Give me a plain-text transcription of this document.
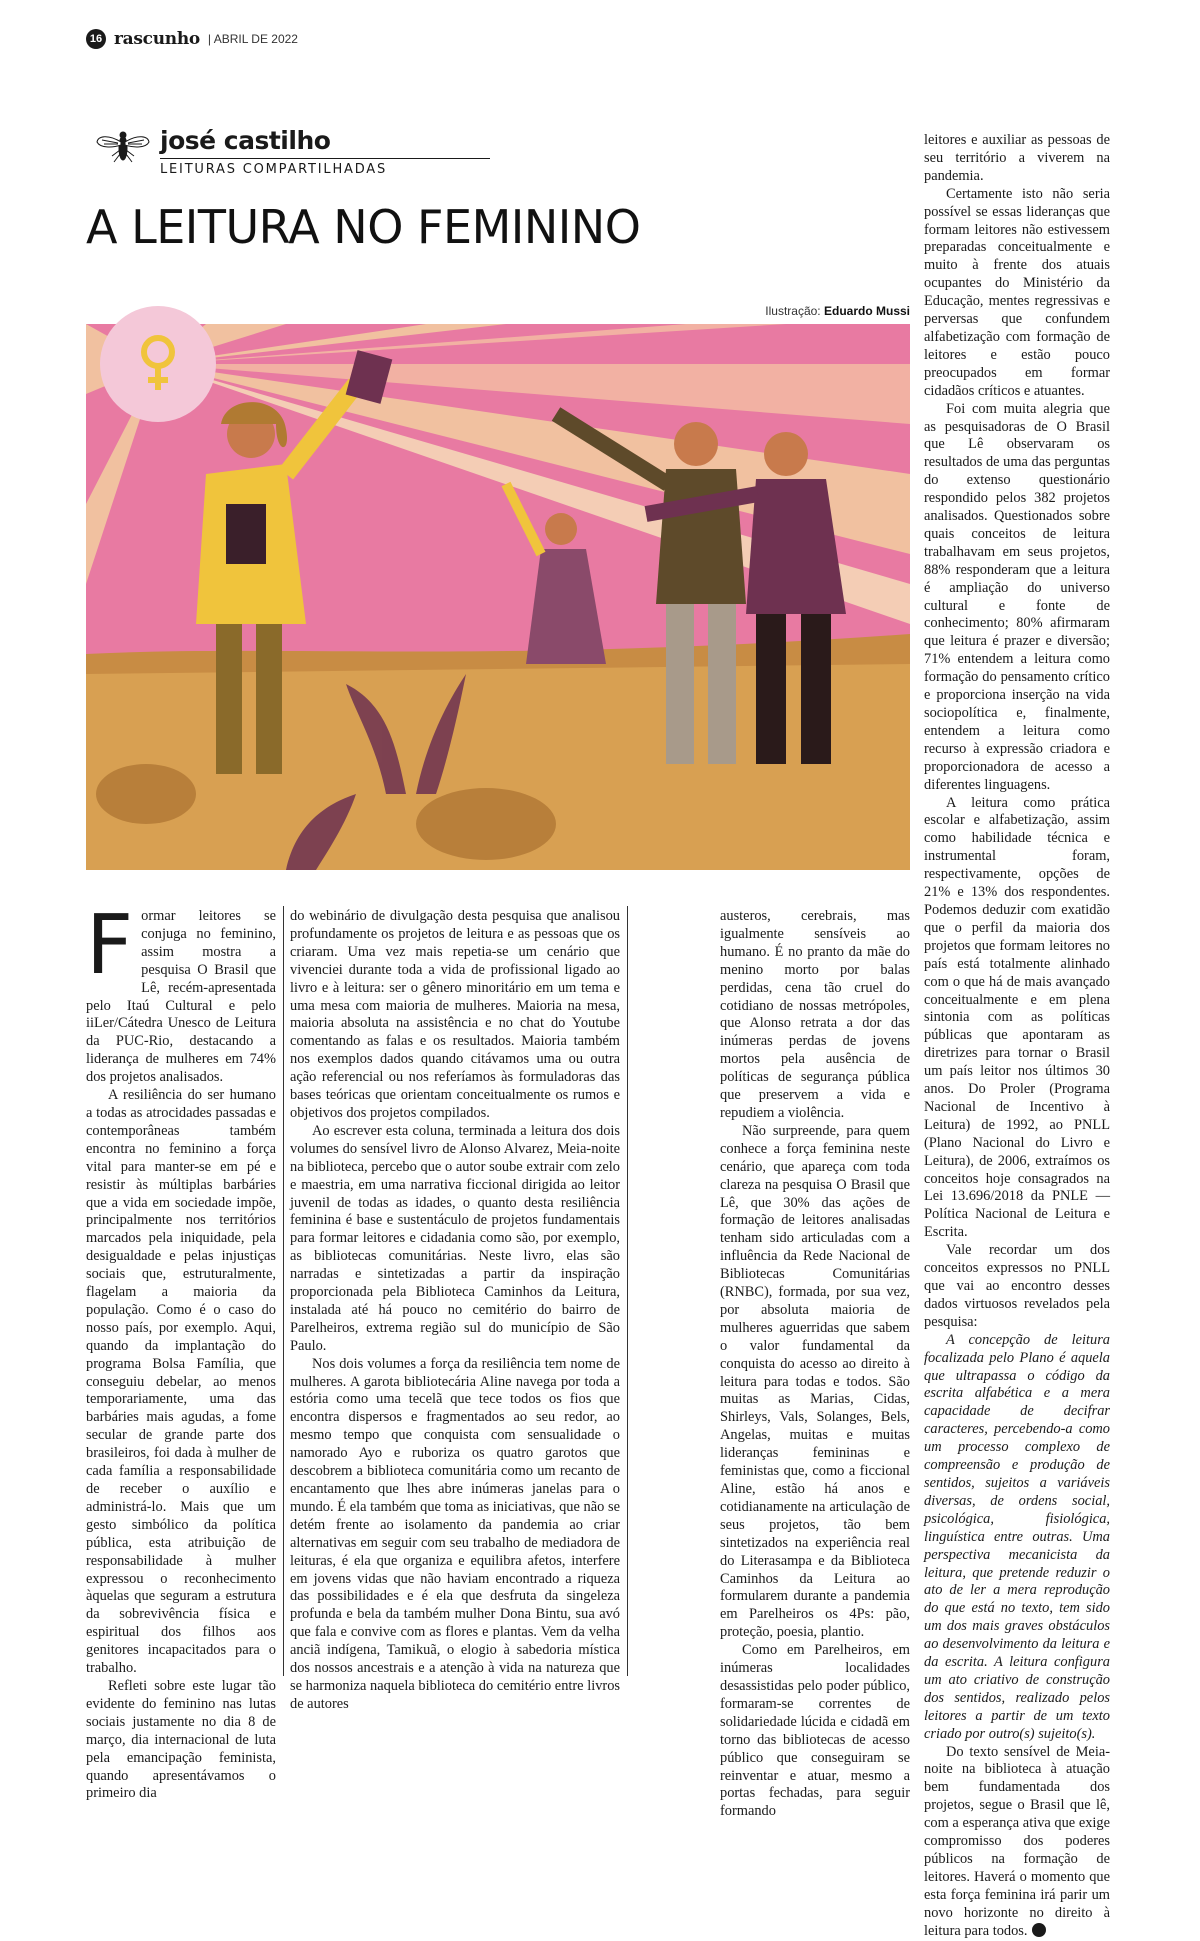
16 rascunho | ABRIL DE 2022
josé castilho
LEITURAS COMPARTILHADAS
A LEITURA NO FEMININO
Ilustração: Eduardo Mussi

Formar leitores se conjuga no feminino, assim mostra a pesquisa O Brasil que Lê, recém-apresentada pelo Itaú Cultural e pelo iiLer/Cátedra Unesco de Leitura da PUC-Rio, destacando a liderança de mulheres em 74% dos projetos analisados.

A resiliência do ser humano a todas as atrocidades passadas e contemporâneas também encontra no feminino a força vital para manter-se em pé e resistir às múltiplas barbáries que a vida em sociedade impõe, principalmente nos territórios marcados pela iniquidade, pela desigualdade e pelas injustiças sociais que, estruturalmente, flagelam a maioria da população. Como é o caso do nosso país, por exemplo. Aqui, quando da implantação do programa Bolsa Família, que conseguiu debelar, ao menos temporariamente, uma das barbáries mais agudas, a fome secular de grande parte dos brasileiros, foi dada à mulher de cada família a responsabilidade de receber o auxílio e administrá-lo. Mais que um gesto simbólico da política pública, esta atribuição de responsabilidade à mulher expressou o reconhecimento àquelas que seguram a estrutura da sobrevivência física e espiritual dos filhos aos genitores incapacitados para o trabalho.

Refleti sobre este lugar tão evidente do feminino nas lutas sociais justamente no dia 8 de março, dia internacional de luta pela emancipação feminista, quando apresentávamos o primeiro dia

do webinário de divulgação desta pesquisa que analisou profundamente os projetos de leitura e as pessoas que os criaram. Uma vez mais repetia-se um cenário que vivenciei durante toda a vida de profissional ligado ao livro e à leitura: ser o gênero minoritário em um tema e uma mesa com maioria de mulheres. Maioria na mesa, maioria absoluta na assistência e no chat do Youtube comentando as falas e os resultados. Maioria também nos exemplos dados quando citávamos uma ou outra ação referencial ou nos referíamos às formuladoras das bases teóricas que orientam conceitualmente os rumos e objetivos dos projetos compilados.

Ao escrever esta coluna, terminada a leitura dos dois volumes do sensível livro de Alonso Alvarez, Meia-noite na biblioteca, percebo que o autor soube extrair com zelo e maestria, em uma narrativa ficcional dirigida ao leitor juvenil de todas as idades, o quanto desta resiliência feminina é base e sustentáculo de projetos fundamentais para formar leitores e cidadania como são, por exemplo, as bibliotecas comunitárias. Neste livro, elas são narradas e sintetizadas a partir da inspiração proporcionada pela Biblioteca Caminhos da Leitura, instalada até há pouco no cemitério do bairro de Parelheiros, extrema região sul do município de São Paulo.

Nos dois volumes a força da resiliência tem nome de mulheres. A garota bibliotecária Aline navega por toda a estória como uma tecelã que tece todos os fios que encontra dispersos e fragmentados ao seu redor, ao mesmo tempo que conquista com sensualidade o namorado Ayo e ruboriza os quatro garotos que descobrem a biblioteca comunitária como um recanto de encantamento que lhes abre inúmeras janelas para o mundo. É ela também que toma as iniciativas, que não se detém frente ao isolamento da pandemia ao criar alternativas em seguir com seu trabalho de mediadora de leituras, é ela que organiza e equilibra afetos, interfere em jovens vidas que não haviam encontrado a riqueza das possibilidades e é ela que desfruta da singeleza profunda e bela da também mulher Dona Bintu, sua avó que fala e convive com as flores e plantas. Vem da velha anciã indígena, Tamikuã, o elogio à sabedoria mística dos nossos ancestrais e a atenção à vida na natureza que se harmoniza naquela biblioteca do cemitério entre livros de autores

austeros, cerebrais, mas igualmente sensíveis ao humano. É no pranto da mãe do menino morto por balas perdidas, cena tão cruel do cotidiano de nossas metrópoles, que Alonso retrata a dor das inúmeras perdas de jovens mortos pela ausência de políticas de segurança pública que preservem a vida e repudiem a violência.

Não surpreende, para quem conhece a força feminina neste cenário, que apareça com toda clareza na pesquisa O Brasil que Lê, que 30% das ações de formação de leitores analisadas tenham sido articuladas com a influência da Rede Nacional de Bibliotecas Comunitárias (RNBC), formada, por sua vez, por absoluta maioria de mulheres aguerridas que sabem o valor fundamental da conquista do acesso ao direito à leitura para todas e todos. São muitas as Marias, Cidas, Shirleys, Vals, Solanges, Bels, Angelas, muitas e muitas lideranças femininas e feministas que, como a ficcional Aline, estão há anos e cotidianamente na articulação de seus projetos, tão bem sintetizados na experiência real do Literasampa e da Biblioteca Caminhos da Leitura ao formularem durante a pandemia em Parelheiros os 4Ps: pão, proteção, poesia, plantio.

Como em Parelheiros, em inúmeras localidades desassistidas pelo poder público, formaram-se correntes de solidariedade lúcida e cidadã em torno das bibliotecas de acesso público que conseguiram se reinventar e atuar, mesmo a portas fechadas, para seguir formando

leitores e auxiliar as pessoas de seu território a viverem na pandemia.

Certamente isto não seria possível se essas lideranças que formam leitores não estivessem preparadas conceitualmente e muito à frente dos atuais ocupantes do Ministério da Educação, mentes regressivas e perversas que confundem alfabetização com formação de leitores e estão pouco preocupados em formar cidadãos críticos e atuantes.

Foi com muita alegria que as pesquisadoras de O Brasil que Lê observaram os resultados de uma das perguntas do extenso questionário respondido pelos 382 projetos analisados. Questionados sobre quais conceitos de leitura trabalhavam em seus projetos, 88% responderam que a leitura é ampliação do universo cultural e fonte de conhecimento; 80% afirmaram que leitura é prazer e diversão; 71% entendem a leitura como formação do pensamento crítico e proporciona inserção na vida sociopolítica e, finalmente, entendem a leitura como recurso à expressão criadora e proporcionadora de acesso a diferentes linguagens.

A leitura como prática escolar e alfabetização, assim como habilidade técnica e instrumental foram, respectivamente, opções de 21% e 13% dos respondentes. Podemos deduzir com exatidão que o perfil da maioria dos projetos que formam leitores no país está totalmente alinhado com o que há de mais avançado conceitualmente e em plena sintonia com as políticas públicas que apontaram as diretrizes para tornar o Brasil um país leitor nos últimos 30 anos. Do Proler (Programa Nacional de Incentivo à Leitura) de 1992, ao PNLL (Plano Nacional do Livro e Leitura), de 2006, extraímos os conceitos hoje consagrados na Lei 13.696/2018 da PNLE — Política Nacional de Leitura e Escrita.

Vale recordar um dos conceitos expressos no PNLL que vai ao encontro desses dados virtuosos revelados pela pesquisa:

A concepção de leitura focalizada pelo Plano é aquela que ultrapassa o código da escrita alfabética e a mera capacidade de decifrar caracteres, percebendo-a como um processo complexo de compreensão e produção de sentidos, sujeitos a variáveis diversas, de ordens social, psicológica, fisiológica, linguística entre outras. Uma perspectiva mecanicista da leitura, que pretende reduzir o ato de ler a mera reprodução do que está no texto, tem sido um dos mais graves obstáculos ao desenvolvimento da leitura e da escrita. A leitura configura um ato criativo de construção dos sentidos, realizado pelos leitores a partir de um texto criado por outro(s) sujeito(s).

Do texto sensível de Meia-noite na biblioteca à atuação bem fundamentada dos projetos, segue o Brasil que lê, com a esperança ativa que exige compromisso dos poderes públicos na formação de leitores. Haverá o momento que esta força feminina irá parir um novo horizonte no direito à leitura para todos.
